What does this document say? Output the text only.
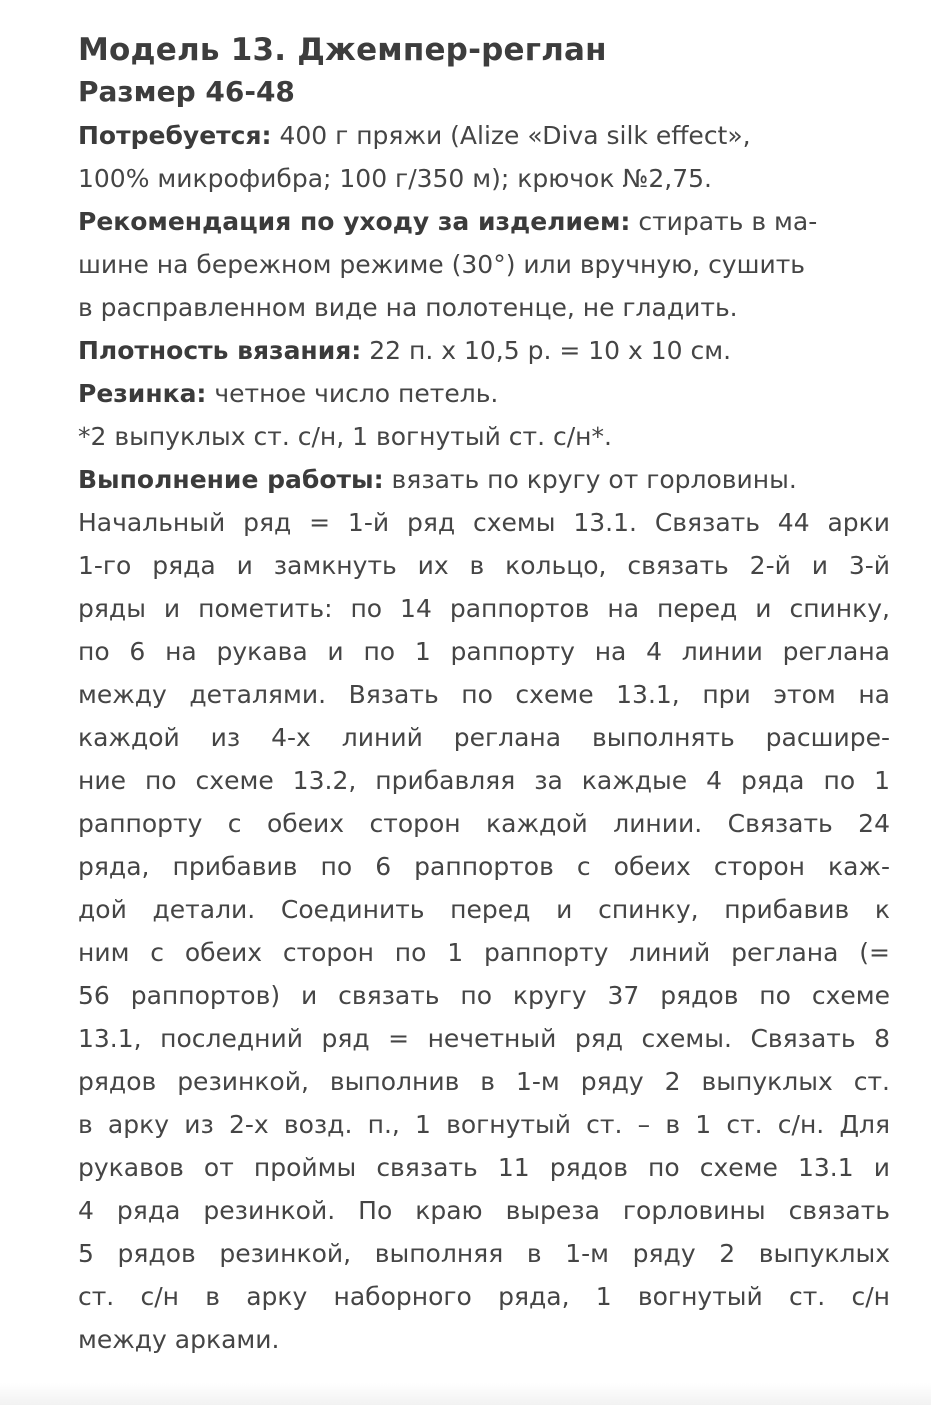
Модель 13. Джемпер-реглан
Размер 46-48
Потребуется: 400 г пряжи (Alize «Diva silk effect»,
100% микрофибра; 100 г/350 м); крючок №2,75.
Рекомендация по уходу за изделием: стирать в ма-
шине на бережном режиме (30°) или вручную, сушить
в расправленном виде на полотенце, не гладить.
Плотность вязания: 22 п. х 10,5 р. = 10 х 10 см.
Резинка: четное число петель.
*2 выпуклых ст. с/н, 1 вогнутый ст. с/н*.
Выполнение работы: вязать по кругу от горловины.
Начальный ряд = 1-й ряд схемы 13.1. Связать 44 арки
1-го ряда и замкнуть их в кольцо, связать 2-й и 3-й
ряды и пометить: по 14 раппортов на перед и спинку,
по 6 на рукава и по 1 раппорту на 4 линии реглана
между деталями. Вязать по схеме 13.1, при этом на
каждой из 4-х линий реглана выполнять расшире-
ние по схеме 13.2, прибавляя за каждые 4 ряда по 1
раппорту с обеих сторон каждой линии. Связать 24
ряда, прибавив по 6 раппортов с обеих сторон каж-
дой детали. Соединить перед и спинку, прибавив к
ним с обеих сторон по 1 раппорту линий реглана (=
56 раппортов) и связать по кругу 37 рядов по схеме
13.1, последний ряд = нечетный ряд схемы. Связать 8
рядов резинкой, выполнив в 1-м ряду 2 выпуклых ст.
в арку из 2-х возд. п., 1 вогнутый ст. – в 1 ст. с/н. Для
рукавов от проймы связать 11 рядов по схеме 13.1 и
4 ряда резинкой. По краю выреза горловины связать
5 рядов резинкой, выполняя в 1-м ряду 2 выпуклых
ст. с/н в арку наборного ряда, 1 вогнутый ст. с/н
между арками.
